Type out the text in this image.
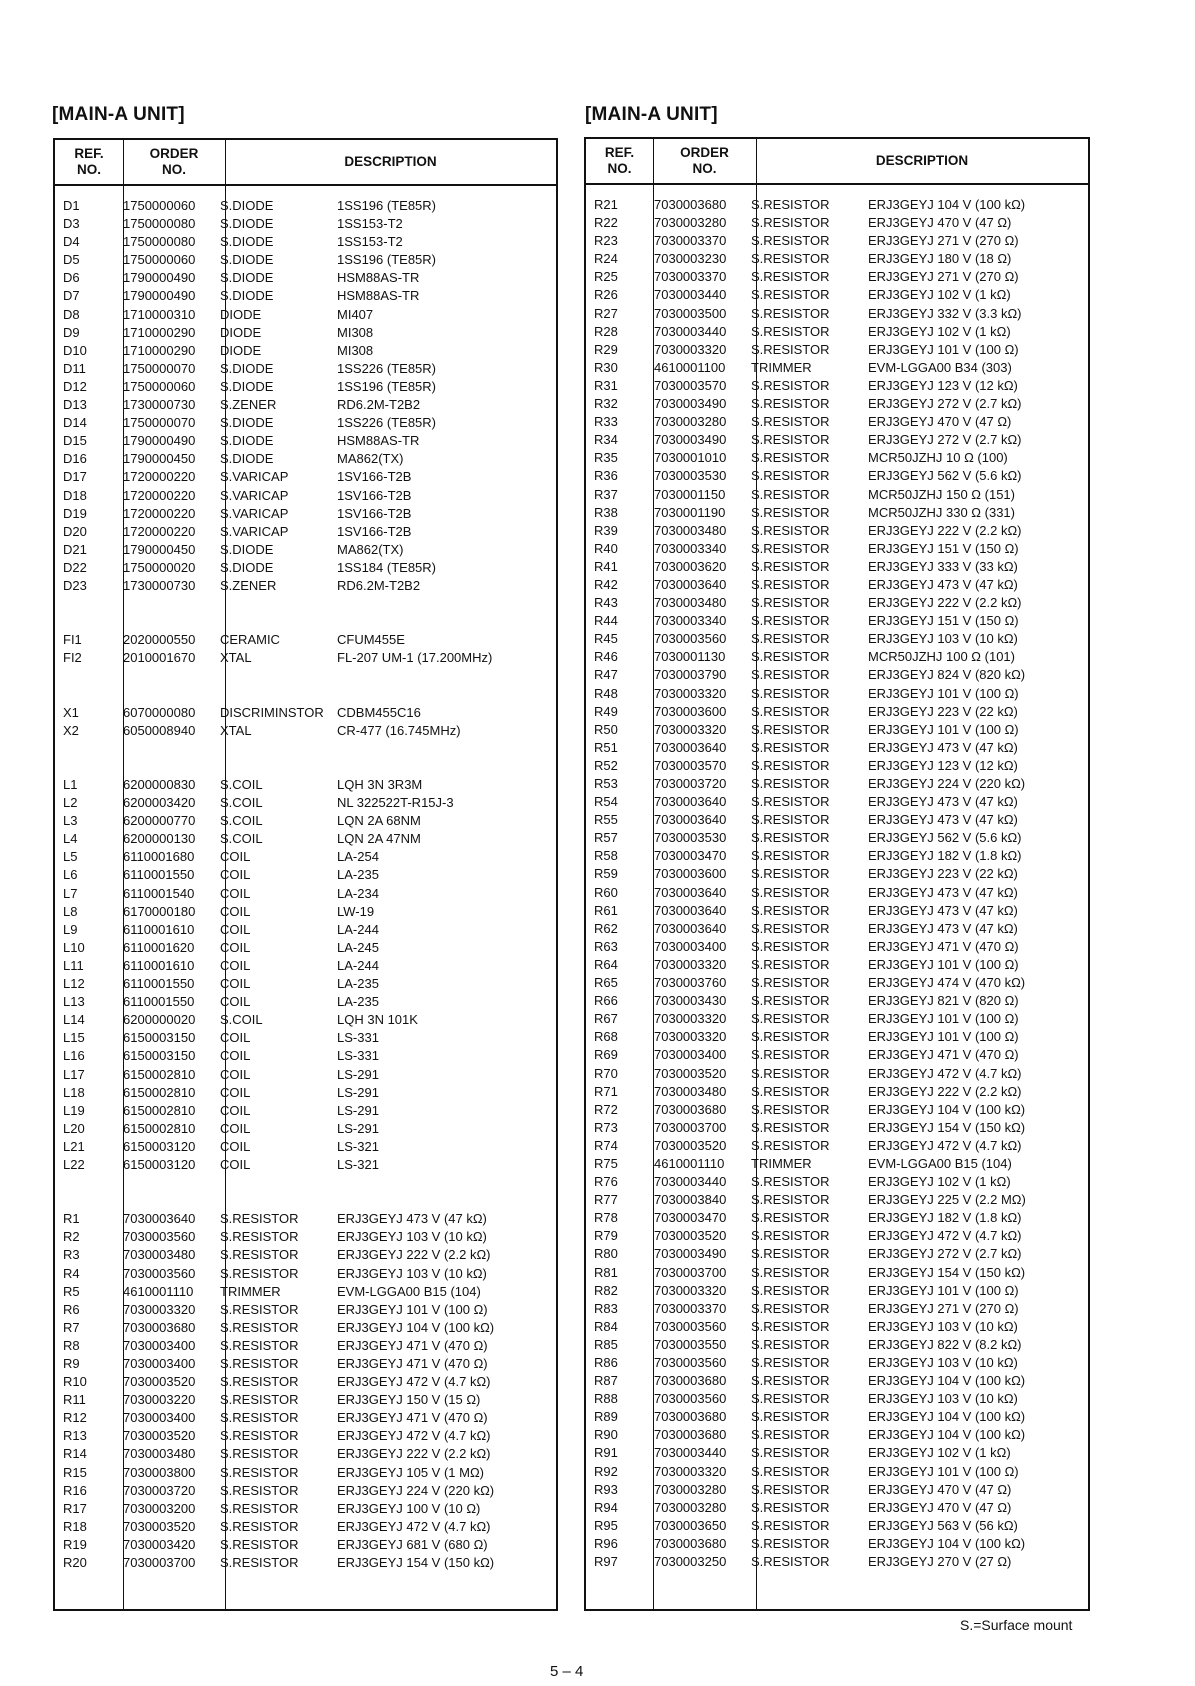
[MAIN-A UNIT]	[MAIN-A UNIT]
REF.
NO.
ORDER
NO.
DESCRIPTION
D1	1750000060 S.DIODE	1SS196 (TE85R)
D3	1750000080 S.DIODE	1SS153-T2
D4	1750000080 S.DIODE	1SS153-T2
D5	1750000060 S.DIODE	1SS196 (TE85R)
D6	1790000490 S.DIODE	HSM88AS-TR
D7	1790000490 S.DIODE	HSM88AS-TR
D8	1710000310 DIODE	MI407
D9	1710000290 DIODE	MI308
D10	1710000290 DIODE	MI308
D11	1750000070 S.DIODE	1SS226 (TE85R)
D12	1750000060 S.DIODE	1SS196 (TE85R)
D13	1730000730 S.ZENER	RD6.2M-T2B2
D14	1750000070 S.DIODE	1SS226 (TE85R)
D15	1790000490 S.DIODE	HSM88AS-TR
D16	1790000450 S.DIODE	MA862(TX)
D17	1720000220 S.VARICAP	1SV166-T2B
D18	1720000220 S.VARICAP	1SV166-T2B
D19	1720000220 S.VARICAP	1SV166-T2B
D20	1720000220 S.VARICAP	1SV166-T2B
D21	1790000450 S.DIODE	MA862(TX)
D22	1750000020 S.DIODE	1SS184 (TE85R)
D23	1730000730 S.ZENER	RD6.2M-T2B2
FI1	2020000550 CERAMIC	CFUM455E
FI2	2010001670 XTAL	FL-207 UM-1 (17.200MHz)
X1	6070000080 DISCRIMINSTOR CDBM455C16
X2	6050008940 XTAL	CR-477 (16.745MHz)
L1	6200000830 S.COIL	LQH 3N 3R3M
L2	6200003420 S.COIL	NL 322522T-R15J-3
L3	6200000770 S.COIL	LQN 2A 68NM
L4	6200000130 S.COIL	LQN 2A 47NM
L5	6110001680 COIL	LA-254
L6	6110001550 COIL	LA-235
L7	6110001540 COIL	LA-234
L8	6170000180 COIL	LW-19
L9	6110001610 COIL	LA-244
L10	6110001620 COIL	LA-245
L11	6110001610 COIL	LA-244
L12	6110001550 COIL	LA-235
L13	6110001550 COIL	LA-235
L14	6200000020 S.COIL	LQH 3N 101K
L15	6150003150 COIL	LS-331
L16	6150003150 COIL	LS-331
L17	6150002810 COIL	LS-291
L18	6150002810 COIL	LS-291
L19	6150002810 COIL	LS-291
L20	6150002810 COIL	LS-291
L21	6150003120 COIL	LS-321
L22	6150003120 COIL	LS-321
R1	7030003640 S.RESISTOR	ERJ3GEYJ 473 V (47 kΩ)
R2	7030003560 S.RESISTOR	ERJ3GEYJ 103 V (10 kΩ)
R3	7030003480 S.RESISTOR	ERJ3GEYJ 222 V (2.2 kΩ)
R4	7030003560 S.RESISTOR	ERJ3GEYJ 103 V (10 kΩ)
R5	4610001110 TRIMMER	EVM-LGGA00 B15 (104)
R6	7030003320 S.RESISTOR	ERJ3GEYJ 101 V (100 Ω)
R7	7030003680 S.RESISTOR	ERJ3GEYJ 104 V (100 kΩ)
R8	7030003400 S.RESISTOR	ERJ3GEYJ 471 V (470 Ω)
R9	7030003400 S.RESISTOR	ERJ3GEYJ 471 V (470 Ω)
R10	7030003520 S.RESISTOR	ERJ3GEYJ 472 V (4.7 kΩ)
R11	7030003220 S.RESISTOR	ERJ3GEYJ 150 V (15 Ω)
R12	7030003400 S.RESISTOR	ERJ3GEYJ 471 V (470 Ω)
R13	7030003520 S.RESISTOR	ERJ3GEYJ 472 V (4.7 kΩ)
R14	7030003480 S.RESISTOR	ERJ3GEYJ 222 V (2.2 kΩ)
R15	7030003800 S.RESISTOR	ERJ3GEYJ 105 V (1 MΩ)
R16	7030003720 S.RESISTOR	ERJ3GEYJ 224 V (220 kΩ)
R17	7030003200 S.RESISTOR	ERJ3GEYJ 100 V (10 Ω)
R18	7030003520 S.RESISTOR	ERJ3GEYJ 472 V (4.7 kΩ)
R19	7030003420 S.RESISTOR	ERJ3GEYJ 681 V (680 Ω)
R20	7030003700 S.RESISTOR	ERJ3GEYJ 154 V (150 kΩ)
REF.
NO.
ORDER
NO.
DESCRIPTION
R21	7030003680 S.RESISTOR	ERJ3GEYJ 104 V (100 kΩ)
R22	7030003280 S.RESISTOR	ERJ3GEYJ 470 V (47 Ω)
R23	7030003370 S.RESISTOR	ERJ3GEYJ 271 V (270 Ω)
R24	7030003230 S.RESISTOR	ERJ3GEYJ 180 V (18 Ω)
R25	7030003370 S.RESISTOR	ERJ3GEYJ 271 V (270 Ω)
R26	7030003440 S.RESISTOR	ERJ3GEYJ 102 V (1 kΩ)
R27	7030003500 S.RESISTOR	ERJ3GEYJ 332 V (3.3 kΩ)
R28	7030003440 S.RESISTOR	ERJ3GEYJ 102 V (1 kΩ)
R29	7030003320 S.RESISTOR	ERJ3GEYJ 101 V (100 Ω)
R30	4610001100 TRIMMER	EVM-LGGA00 B34 (303)
R31	7030003570 S.RESISTOR	ERJ3GEYJ 123 V (12 kΩ)
R32	7030003490 S.RESISTOR	ERJ3GEYJ 272 V (2.7 kΩ)
R33	7030003280 S.RESISTOR	ERJ3GEYJ 470 V (47 Ω)
R34	7030003490 S.RESISTOR	ERJ3GEYJ 272 V (2.7 kΩ)
R35	7030001010 S.RESISTOR	MCR50JZHJ 10 Ω (100)
R36	7030003530 S.RESISTOR	ERJ3GEYJ 562 V (5.6 kΩ)
R37	7030001150 S.RESISTOR	MCR50JZHJ 150 Ω (151)
R38	7030001190 S.RESISTOR	MCR50JZHJ 330 Ω (331)
R39	7030003480 S.RESISTOR	ERJ3GEYJ 222 V (2.2 kΩ)
R40	7030003340 S.RESISTOR	ERJ3GEYJ 151 V (150 Ω)
R41	7030003620 S.RESISTOR	ERJ3GEYJ 333 V (33 kΩ)
R42	7030003640 S.RESISTOR	ERJ3GEYJ 473 V (47 kΩ)
R43	7030003480 S.RESISTOR	ERJ3GEYJ 222 V (2.2 kΩ)
R44	7030003340 S.RESISTOR	ERJ3GEYJ 151 V (150 Ω)
R45	7030003560 S.RESISTOR	ERJ3GEYJ 103 V (10 kΩ)
R46	7030001130 S.RESISTOR	MCR50JZHJ 100 Ω (101)
R47	7030003790 S.RESISTOR	ERJ3GEYJ 824 V (820 kΩ)
R48	7030003320 S.RESISTOR	ERJ3GEYJ 101 V (100 Ω)
R49	7030003600 S.RESISTOR	ERJ3GEYJ 223 V (22 kΩ)
R50	7030003320 S.RESISTOR	ERJ3GEYJ 101 V (100 Ω)
R51	7030003640 S.RESISTOR	ERJ3GEYJ 473 V (47 kΩ)
R52	7030003570 S.RESISTOR	ERJ3GEYJ 123 V (12 kΩ)
R53	7030003720 S.RESISTOR	ERJ3GEYJ 224 V (220 kΩ)
R54	7030003640 S.RESISTOR	ERJ3GEYJ 473 V (47 kΩ)
R55	7030003640 S.RESISTOR	ERJ3GEYJ 473 V (47 kΩ)
R57	7030003530 S.RESISTOR	ERJ3GEYJ 562 V (5.6 kΩ)
R58	7030003470 S.RESISTOR	ERJ3GEYJ 182 V (1.8 kΩ)
R59	7030003600 S.RESISTOR	ERJ3GEYJ 223 V (22 kΩ)
R60	7030003640 S.RESISTOR	ERJ3GEYJ 473 V (47 kΩ)
R61	7030003640 S.RESISTOR	ERJ3GEYJ 473 V (47 kΩ)
R62	7030003640 S.RESISTOR	ERJ3GEYJ 473 V (47 kΩ)
R63	7030003400 S.RESISTOR	ERJ3GEYJ 471 V (470 Ω)
R64	7030003320 S.RESISTOR	ERJ3GEYJ 101 V (100 Ω)
R65	7030003760 S.RESISTOR	ERJ3GEYJ 474 V (470 kΩ)
R66	7030003430 S.RESISTOR	ERJ3GEYJ 821 V (820 Ω)
R67	7030003320 S.RESISTOR	ERJ3GEYJ 101 V (100 Ω)
R68	7030003320 S.RESISTOR	ERJ3GEYJ 101 V (100 Ω)
R69	7030003400 S.RESISTOR	ERJ3GEYJ 471 V (470 Ω)
R70	7030003520 S.RESISTOR	ERJ3GEYJ 472 V (4.7 kΩ)
R71	7030003480 S.RESISTOR	ERJ3GEYJ 222 V (2.2 kΩ)
R72	7030003680 S.RESISTOR	ERJ3GEYJ 104 V (100 kΩ)
R73	7030003700 S.RESISTOR	ERJ3GEYJ 154 V (150 kΩ)
R74	7030003520 S.RESISTOR	ERJ3GEYJ 472 V (4.7 kΩ)
R75	4610001110 TRIMMER	EVM-LGGA00 B15 (104)
R76	7030003440 S.RESISTOR	ERJ3GEYJ 102 V (1 kΩ)
R77	7030003840 S.RESISTOR	ERJ3GEYJ 225 V (2.2 MΩ)
R78	7030003470 S.RESISTOR	ERJ3GEYJ 182 V (1.8 kΩ)
R79	7030003520 S.RESISTOR	ERJ3GEYJ 472 V (4.7 kΩ)
R80	7030003490 S.RESISTOR	ERJ3GEYJ 272 V (2.7 kΩ)
R81	7030003700 S.RESISTOR	ERJ3GEYJ 154 V (150 kΩ)
R82	7030003320 S.RESISTOR	ERJ3GEYJ 101 V (100 Ω)
R83	7030003370 S.RESISTOR	ERJ3GEYJ 271 V (270 Ω)
R84	7030003560 S.RESISTOR	ERJ3GEYJ 103 V (10 kΩ)
R85	7030003550 S.RESISTOR	ERJ3GEYJ 822 V (8.2 kΩ)
R86	7030003560 S.RESISTOR	ERJ3GEYJ 103 V (10 kΩ)
R87	7030003680 S.RESISTOR	ERJ3GEYJ 104 V (100 kΩ)
R88	7030003560 S.RESISTOR	ERJ3GEYJ 103 V (10 kΩ)
R89	7030003680 S.RESISTOR	ERJ3GEYJ 104 V (100 kΩ)
R90	7030003680 S.RESISTOR	ERJ3GEYJ 104 V (100 kΩ)
R91	7030003440 S.RESISTOR	ERJ3GEYJ 102 V (1 kΩ)
R92	7030003320 S.RESISTOR	ERJ3GEYJ 101 V (100 Ω)
R93	7030003280 S.RESISTOR	ERJ3GEYJ 470 V (47 Ω)
R94	7030003280 S.RESISTOR	ERJ3GEYJ 470 V (47 Ω)
R95	7030003650 S.RESISTOR	ERJ3GEYJ 563 V (56 kΩ)
R96	7030003680 S.RESISTOR	ERJ3GEYJ 104 V (100 kΩ)
R97	7030003250 S.RESISTOR	ERJ3GEYJ 270 V (27 Ω)
S.=Surface mount
5 – 4
